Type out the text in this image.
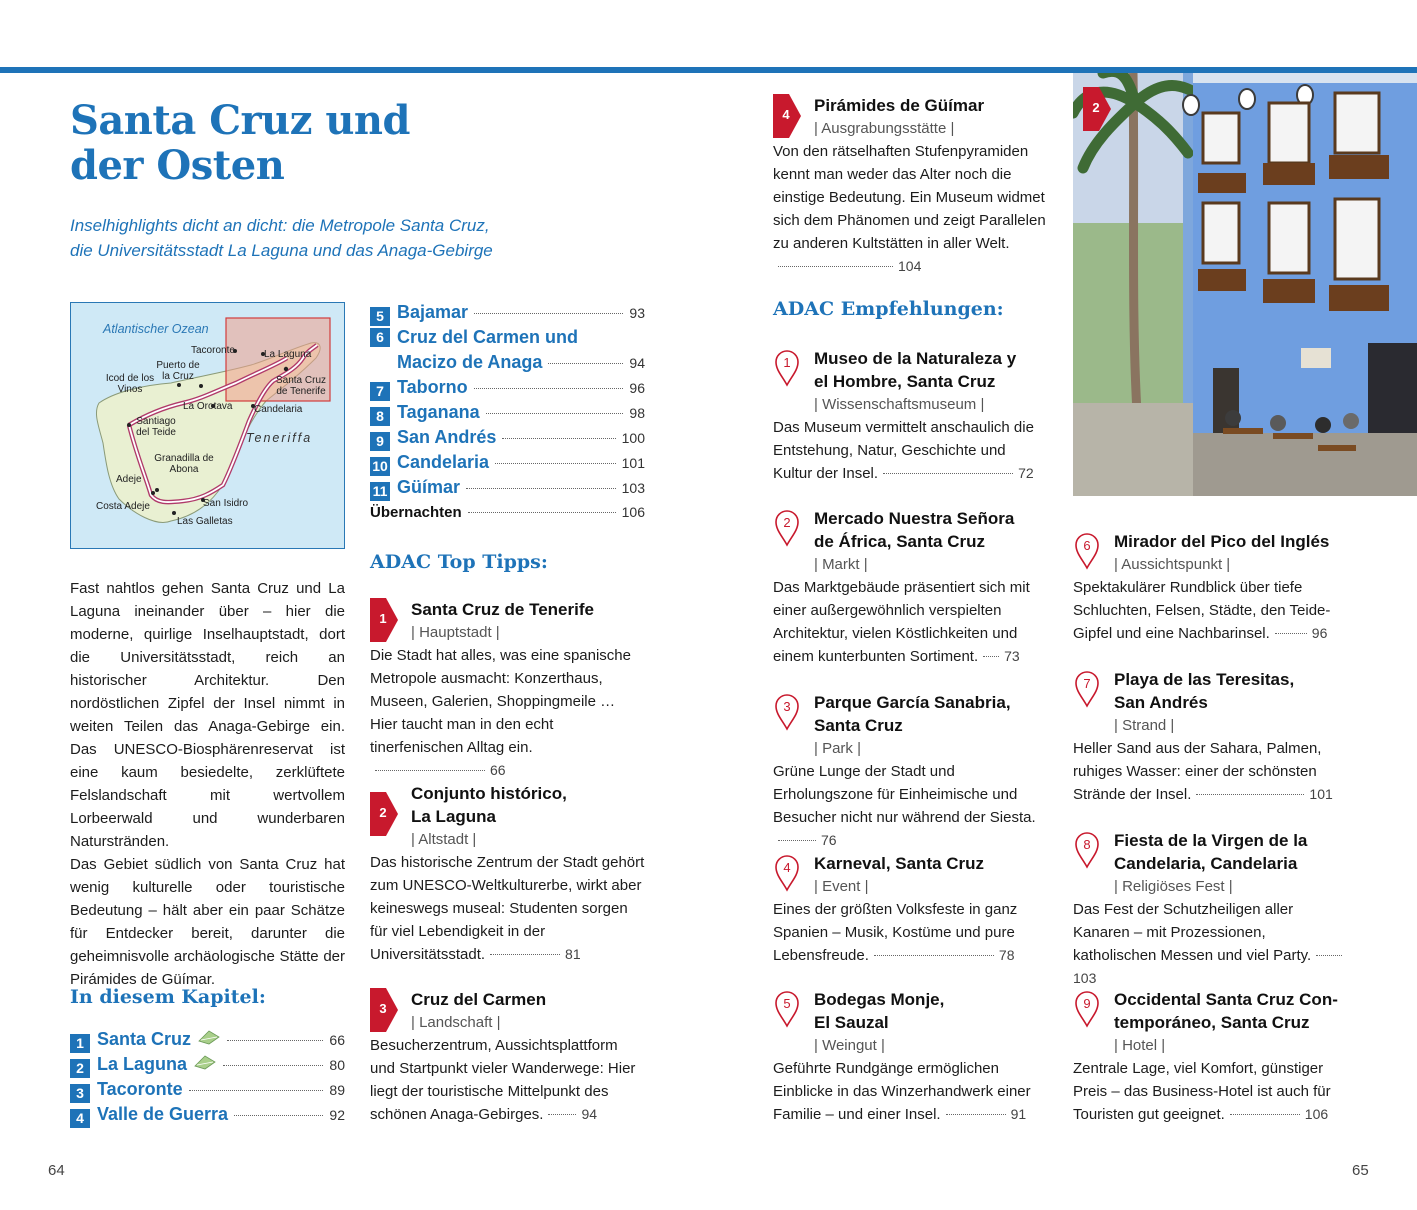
Santa Cruz und
der Osten
Inselhighlights dicht an dicht: die Metropole Santa Cruz,
die Universitätsstadt La Laguna und das Anaga-Gebirge
Atlantischer Ozean
Tacoronte	La Laguna
Puerto de la Cruz
Icod de los Vinos
Santa Cruz de Tenerife
La Orotava Candelaria
Santiago del Teide	Teneriffa
Granadilla de Abona
Adeje
Costa Adeje	San Isidro
Las Galletas

Fast nahtlos gehen Santa Cruz und La Laguna ineinander über – hier die moderne, quirlige Inselhauptstadt, dort die Universitätsstadt, reich an historischer Architektur. Den nordöstlichen Zipfel der Insel nimmt in weiten Teilen das Anaga-Gebirge ein. Das UNESCO-Biosphärenreservat ist eine kaum besiedelte, zerklüftete Felslandschaft mit wertvollem Lorbeerwald und wunderbaren Naturstränden.

Das Gebiet südlich von Santa Cruz hat wenig kulturelle oder touristische Bedeutung – hält aber ein paar Schätze für Entdecker bereit, darunter die geheimnisvolle archäologische Stätte der Pirámides de Güímar.

In diesem Kapitel:
1 Santa Cruz	66
2 La Laguna	80
3 Tacoronte	89
4 Valle de Guerra	92
5 Bajamar	93
6 Cruz del Carmen und
Macizo de Anaga	94
7 Taborno	96
8 Taganana	98
9 San Andrés	100
10 Candelaria	101
11 Güímar	103
Übernachten	106
ADAC Top Tipps:
1 Santa Cruz de Tenerife
| Hauptstadt |
Die Stadt hat alles, was eine spanische Metropole ausmacht: Konzerthaus, Museen, Galerien, Shoppingmeile … Hier taucht man in den echt tinerfenischen Alltag ein.66
2
Conjunto histórico,
La Laguna
| Altstadt |
Das historische Zentrum der Stadt gehört zum UNESCO-Weltkulturerbe, wirkt aber keineswegs museal: Studenten sorgen für viel Lebendigkeit in der Universitätsstadt.	81
3 Cruz del Carmen
| Landschaft |
Besucherzentrum, Aussichtsplattform und Startpunkt vieler Wanderwege: Hier liegt der touristische Mittelpunkt des schönen Anaga-Gebirges.	94
64
4 Pirámides de Güímar
| Ausgrabungsstätte |
Von den rätselhaften Stufenpyramiden kennt man weder das Alter noch die einstige Bedeutung. Ein Museum widmet sich dem Phänomen und zeigt Parallelen zu anderen Kultstätten in aller Welt.104
ADAC Empfehlungen:
1	Museo de la Naturaleza y
el Hombre, Santa Cruz
| Wissenschaftsmuseum |
Das Museum vermittelt anschaulich die Entstehung, Natur, Geschichte und Kultur der Insel.	72
2	Mercado Nuestra Señora
de África, Santa Cruz
| Markt |
Das Marktgebäude präsentiert sich mit einer außergewöhnlich verspielten Architektur, vielen Köstlichkeiten und einem kunterbunten Sortiment. 73
3	Parque García Sanabria,
Santa Cruz
| Park |
Grüne Lunge der Stadt und Erholungszone für Einheimische und Besucher nicht nur während der Siesta.76
4	Karneval, Santa Cruz
| Event |
Eines der größten Volksfeste in ganz Spanien – Musik, Kostüme und pure Lebensfreude.	78
5	Bodegas Monje,
El Sauzal
| Weingut |
Geführte Rundgänge ermöglichen Einblicke in das Winzerhandwerk einer Familie – und einer Insel.	91
2
6	Mirador del Pico del Inglés
| Aussichtspunkt |
Spektakulärer Rundblick über tiefe Schluchten, Felsen, Städte, den Teide-Gipfel und eine Nachbarinsel.	96
7	Playa de las Teresitas,
San Andrés
| Strand |
Heller Sand aus der Sahara, Palmen, ruhiges Wasser: einer der schönsten Strände der Insel.	101
8	Fiesta de la Virgen de la
Candelaria, Candelaria
| Religiöses Fest |
Das Fest der Schutzheiligen aller Kanaren – mit Prozessionen, katholischen Messen und viel Party.103
9	Occidental Santa Cruz Con-
temporáneo, Santa Cruz
| Hotel |
Zentrale Lage, viel Komfort, günstiger Preis – das Business-Hotel ist auch für Touristen gut geeignet.	106
65
